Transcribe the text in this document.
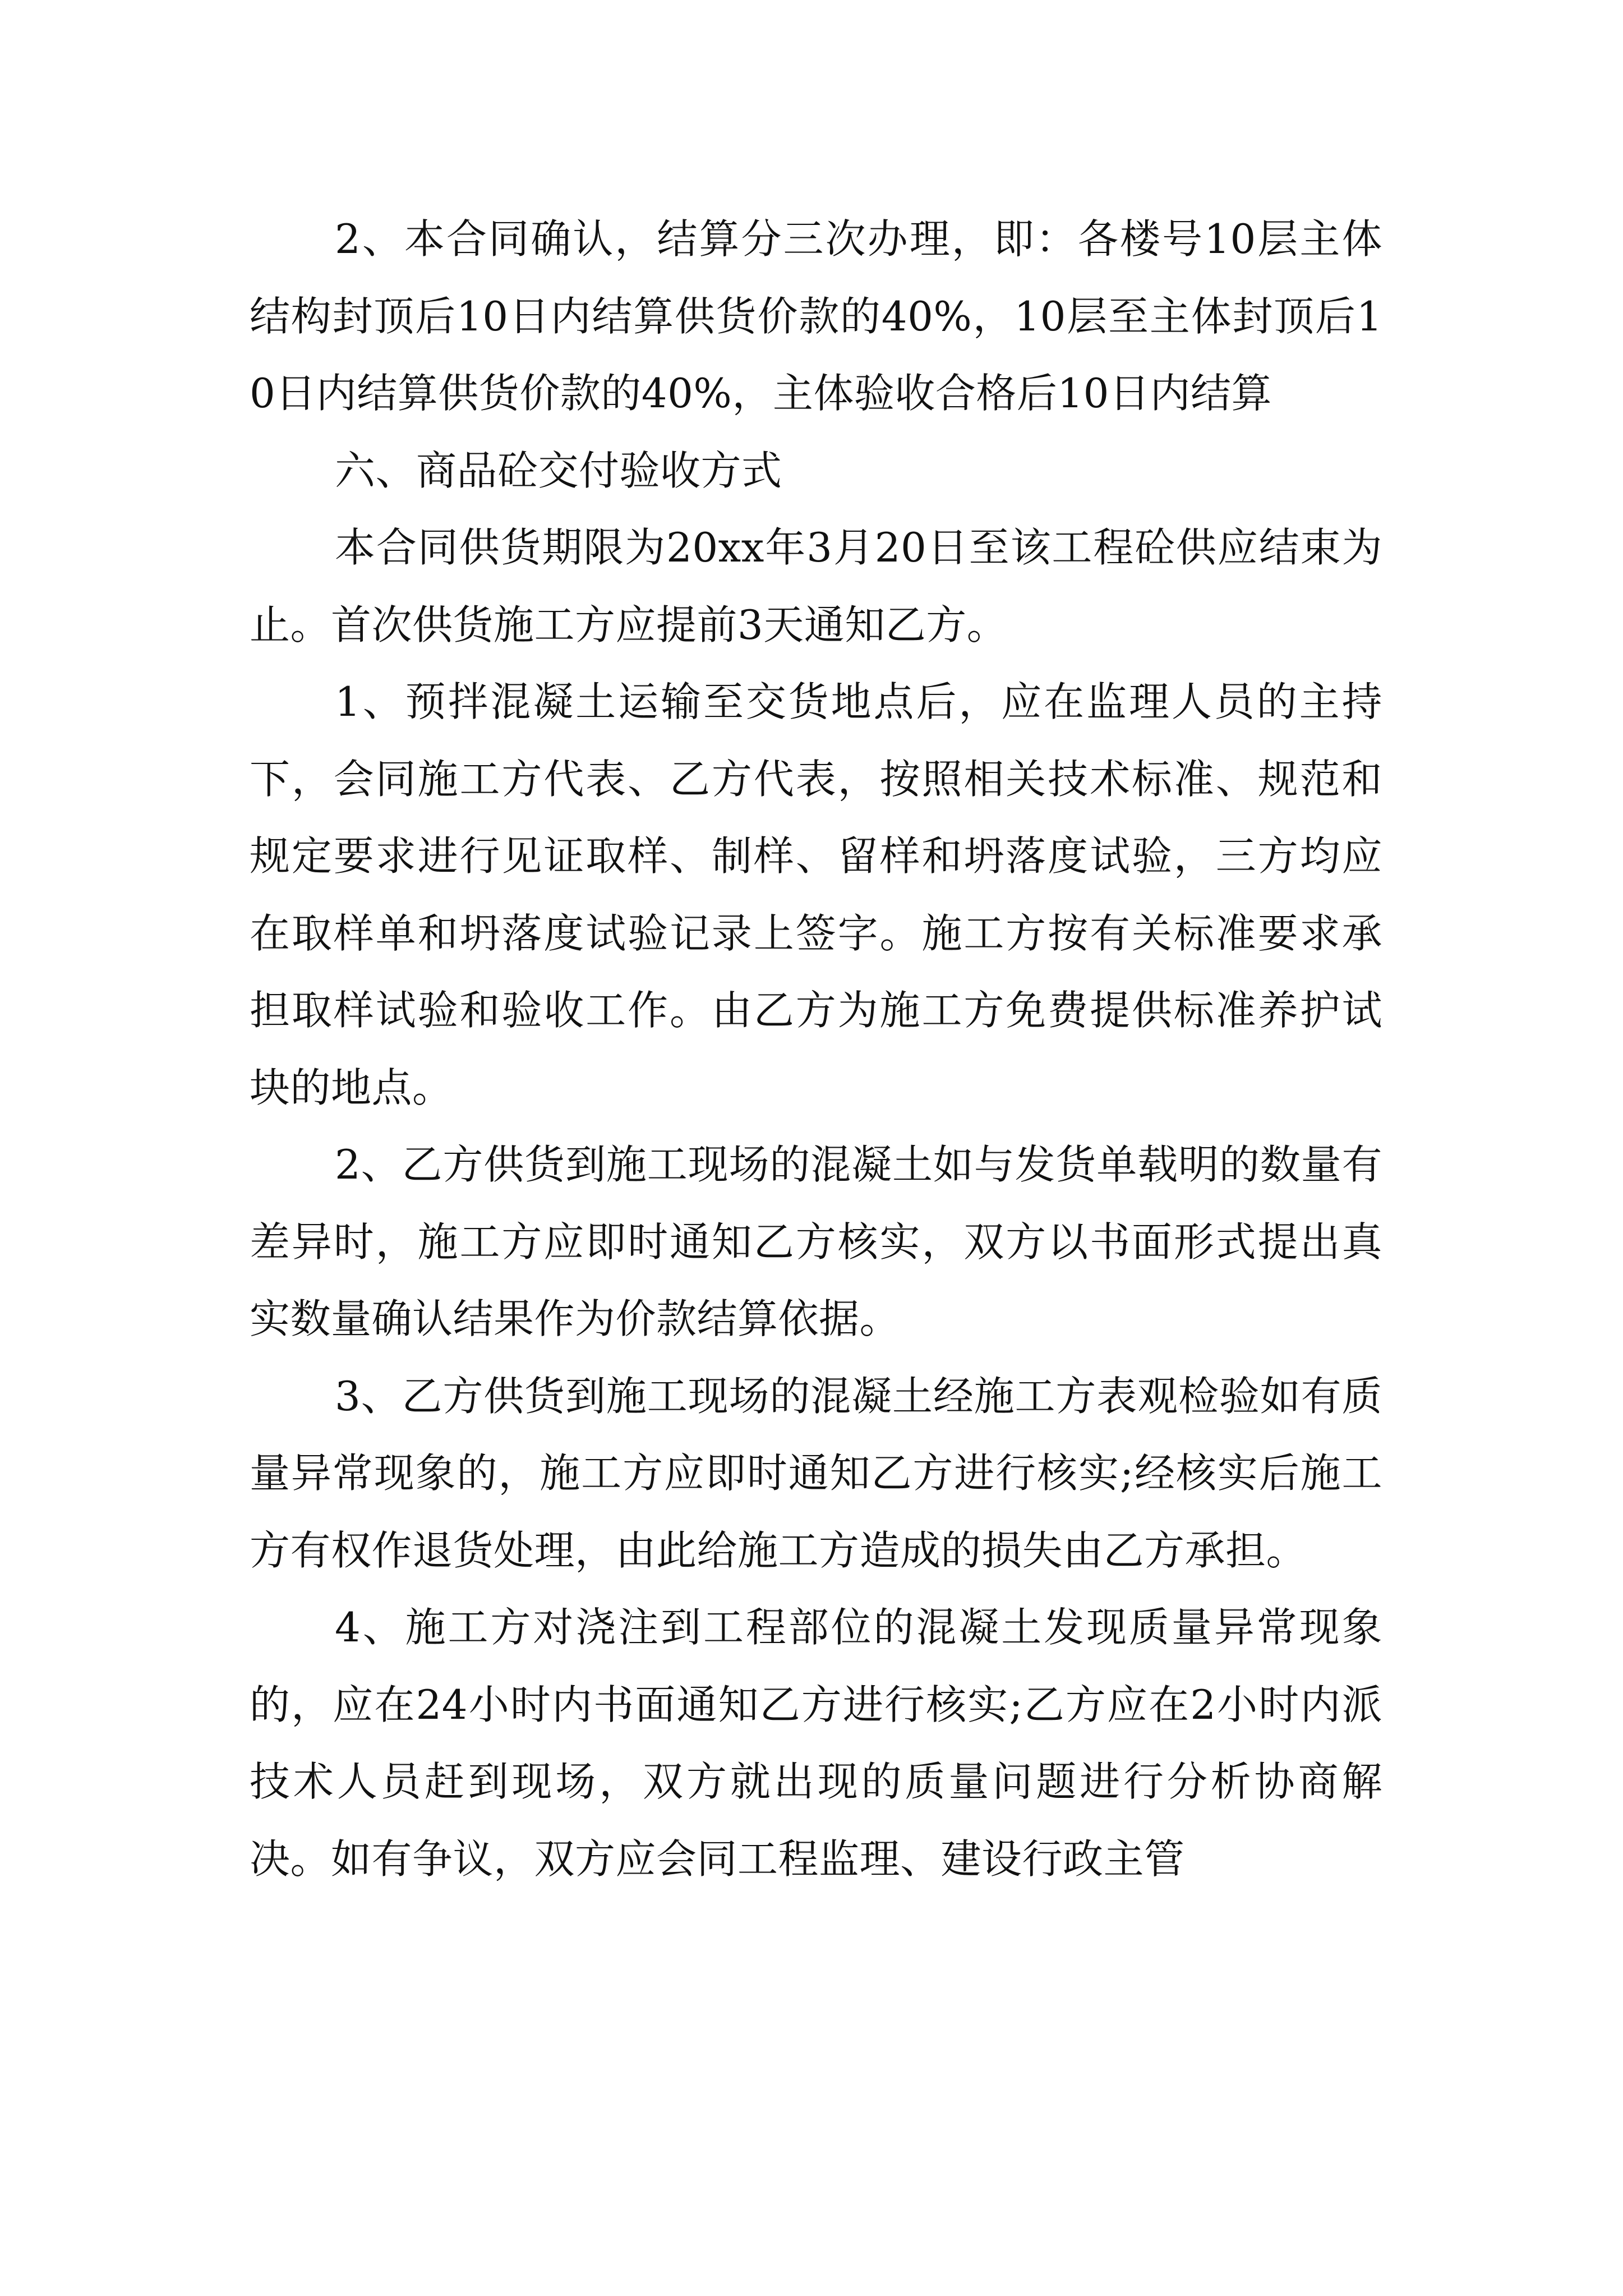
2、本合同确认，结算分三次办理，即：各楼号10层主体结构封顶后10日内结算供货价款的40%，10层至主体封顶后10日内结算供货价款的40%，主体验收合格后10日内结算

六、商品砼交付验收方式

本合同供货期限为20xx年3月20日至该工程砼供应结束为止。首次供货施工方应提前3天通知乙方。

1、预拌混凝土运输至交货地点后，应在监理人员的主持下，会同施工方代表、乙方代表，按照相关技术标准、规范和规定要求进行见证取样、制样、留样和坍落度试验，三方均应在取样单和坍落度试验记录上签字。施工方按有关标准要求承担取样试验和验收工作。由乙方为施工方免费提供标准养护试块的地点。

2、乙方供货到施工现场的混凝土如与发货单载明的数量有差异时，施工方应即时通知乙方核实，双方以书面形式提出真实数量确认结果作为价款结算依据。

3、乙方供货到施工现场的混凝土经施工方表观检验如有质量异常现象的，施工方应即时通知乙方进行核实;经核实后施工方有权作退货处理，由此给施工方造成的损失由乙方承担。

4、施工方对浇注到工程部位的混凝土发现质量异常现象的，应在24小时内书面通知乙方进行核实;乙方应在2小时内派技术人员赶到现场，双方就出现的质量问题进行分析协商解决。如有争议，双方应会同工程监理、建设行政主管
